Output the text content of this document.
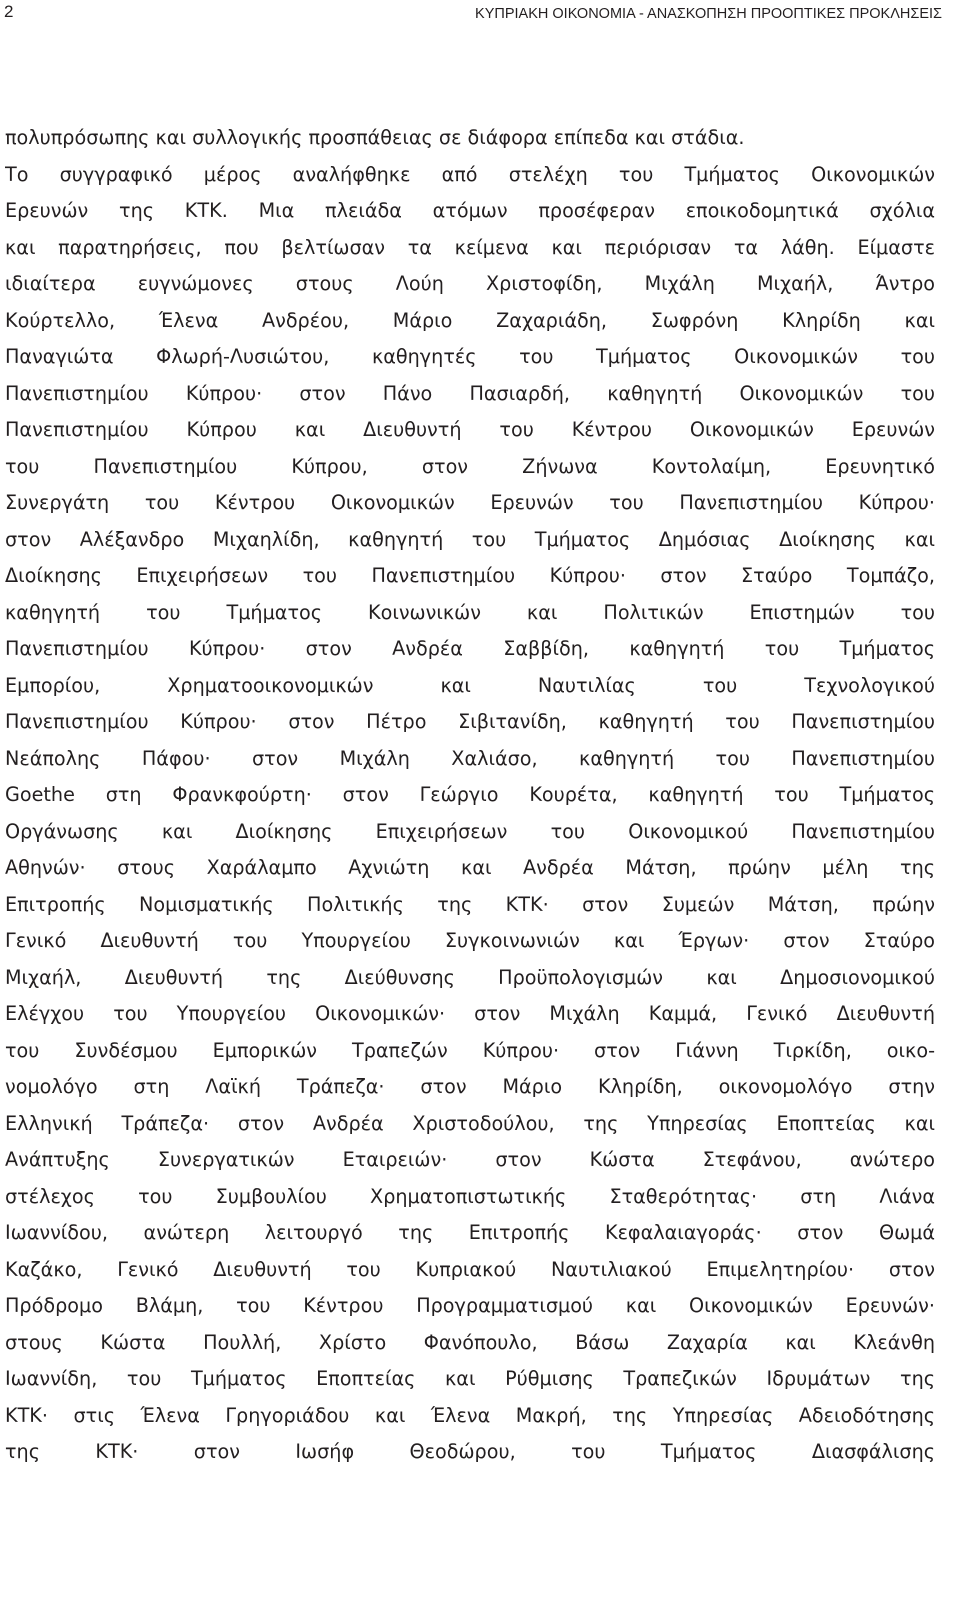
2	ΚΥΠΡΙΑΚΗ ΟΙΚΟΝΟΜΙΑ - ΑΝΑΣΚΟΠΗΣΗ ΠΡΟΟΠΤΙΚΕΣ ΠΡΟΚΛΗΣΕΙΣ
πολυπρόσωπης και συλλογικής προσπάθειας σε διάφορα επίπεδα και στάδια.
Το συγγραφικό μέρος αναλήφθηκε από στελέχη του Τμήματος Οικονομικών
Ερευνών της ΚΤΚ. Μια πλειάδα ατόμων προσέφεραν εποικοδομητικά σχόλια
και παρατηρήσεις, που βελτίωσαν τα κείμενα και περιόρισαν τα λάθη. Είμαστε
ιδιαίτερα ευγνώμονες στους Λούη Χριστοφίδη, Μιχάλη Μιχαήλ, Άντρο
Κούρτελλο, Έλενα Ανδρέου, Μάριο Ζαχαριάδη, Σωφρόνη Κληρίδη και
Παναγιώτα Φλωρή-Λυσιώτου, καθηγητές του Τμήματος Οικονομικών του
Πανεπιστημίου Κύπρου· στον Πάνο Πασιαρδή, καθηγητή Οικονομικών του
Πανεπιστημίου Κύπρου και Διευθυντή του Κέντρου Οικονομικών Ερευνών
του Πανεπιστημίου Κύπρου, στον Ζήνωνα Κοντολαίμη, Ερευνητικό
Συνεργάτη του Κέντρου Οικονομικών Ερευνών του Πανεπιστημίου Κύπρου·
στον Αλέξανδρο Μιχαηλίδη, καθηγητή του Τμήματος Δημόσιας Διοίκησης και
Διοίκησης Επιχειρήσεων του Πανεπιστημίου Κύπρου· στον Σταύρο Τομπάζο,
καθηγητή του Τμήματος Κοινωνικών και Πολιτικών Επιστημών του
Πανεπιστημίου Κύπρου· στον Ανδρέα Σαββίδη, καθηγητή του Τμήματος
Εμπορίου, Χρηματοοικονομικών και Ναυτιλίας του Τεχνολογικού
Πανεπιστημίου Κύπρου· στον Πέτρο Σιβιτανίδη, καθηγητή του Πανεπιστημίου
Νεάπολης Πάφου· στον Μιχάλη Χαλιάσο, καθηγητή του Πανεπιστημίου
Goethe στη Φρανκφούρτη· στον Γεώργιο Κουρέτα, καθηγητή του Τμήματος
Οργάνωσης και Διοίκησης Επιχειρήσεων του Οικονομικού Πανεπιστημίου
Αθηνών· στους Χαράλαμπο Αχνιώτη και Ανδρέα Μάτση, πρώην μέλη της
Επιτροπής Νομισματικής Πολιτικής της ΚΤΚ· στον Συμεών Μάτση, πρώην
Γενικό Διευθυντή του Υπουργείου Συγκοινωνιών και Έργων· στον Σταύρο
Μιχαήλ, Διευθυντή της Διεύθυνσης Προϋπολογισμών και Δημοσιονομικού
Ελέγχου του Υπουργείου Οικονομικών· στον Μιχάλη Καμμά, Γενικό Διευθυντή
του Συνδέσμου Εμπορικών Τραπεζών Κύπρου· στον Γιάννη Τιρκίδη, οικο-
νομολόγο στη Λαϊκή Τράπεζα· στον Μάριο Κληρίδη, οικονομολόγο στην
Ελληνική Τράπεζα· στον Ανδρέα Χριστοδούλου, της Υπηρεσίας Εποπτείας και
Ανάπτυξης Συνεργατικών Εταιρειών· στον Κώστα Στεφάνου, ανώτερο
στέλεχος του Συμβουλίου Χρηματοπιστωτικής Σταθερότητας· στη Λιάνα
Ιωαννίδου, ανώτερη λειτουργό της Επιτροπής Κεφαλαιαγοράς· στον Θωμά
Καζάκο, Γενικό Διευθυντή του Κυπριακού Ναυτιλιακού Επιμελητηρίου· στον
Πρόδρομο Βλάμη, του Κέντρου Προγραμματισμού και Οικονομικών Ερευνών·
στους Κώστα Πουλλή, Χρίστο Φανόπουλο, Βάσω Ζαχαρία και Κλεάνθη
Ιωαννίδη, του Τμήματος Εποπτείας και Ρύθμισης Τραπεζικών Ιδρυμάτων της
ΚΤΚ· στις Έλενα Γρηγοριάδου και Έλενα Μακρή, της Υπηρεσίας Αδειοδότησης
της ΚΤΚ· στον Ιωσήφ Θεοδώρου, του Τμήματος Διασφάλισης
